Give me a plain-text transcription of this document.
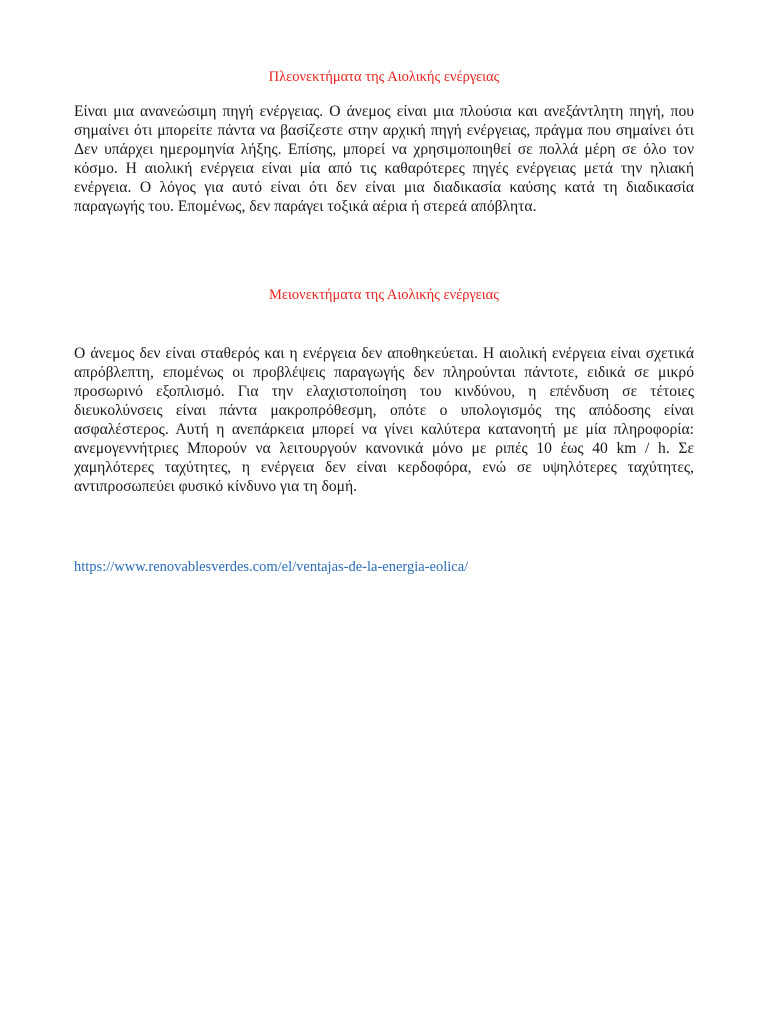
Πλεονεκτήματα της Αιολικής ενέργειας
Είναι μια ανανεώσιμη πηγή ενέργειας. Ο άνεμος είναι μια πλούσια και ανεξάντλητη πηγή, που σημαίνει ότι μπορείτε πάντα να βασίζεστε στην αρχική πηγή ενέργειας, πράγμα που σημαίνει ότι Δεν υπάρχει ημερομηνία λήξης. Επίσης, μπορεί να χρησιμοποιηθεί σε πολλά μέρη σε όλο τον κόσμο. Η αιολική ενέργεια είναι μία από τις καθαρότερες πηγές ενέργειας μετά την ηλιακή ενέργεια. Ο λόγος για αυτό είναι ότι δεν είναι μια διαδικασία καύσης κατά τη διαδικασία παραγωγής του. Επομένως, δεν παράγει τοξικά αέρια ή στερεά απόβλητα.
Μειονεκτήματα της Αιολικής ενέργειας
Ο άνεμος δεν είναι σταθερός και η ενέργεια δεν αποθηκεύεται. Η αιολική ενέργεια είναι σχετικά απρόβλεπτη, επομένως οι προβλέψεις παραγωγής δεν πληρούνται πάντοτε, ειδικά σε μικρό προσωρινό εξοπλισμό. Για την ελαχιστοποίηση του κινδύνου, η επένδυση σε τέτοιες διευκολύνσεις είναι πάντα μακροπρόθεσμη, οπότε ο υπολογισμός της απόδοσης είναι ασφαλέστερος. Αυτή η ανεπάρκεια μπορεί να γίνει καλύτερα κατανοητή με μία πληροφορία: ανεμογεννήτριες Μπορούν να λειτουργούν κανονικά μόνο με ριπές 10 έως 40 km / h. Σε χαμηλότερες ταχύτητες, η ενέργεια δεν είναι κερδοφόρα, ενώ σε υψηλότερες ταχύτητες, αντιπροσωπεύει φυσικό κίνδυνο για τη δομή.
https://www.renovablesverdes.com/el/ventajas-de-la-energia-eolica/
